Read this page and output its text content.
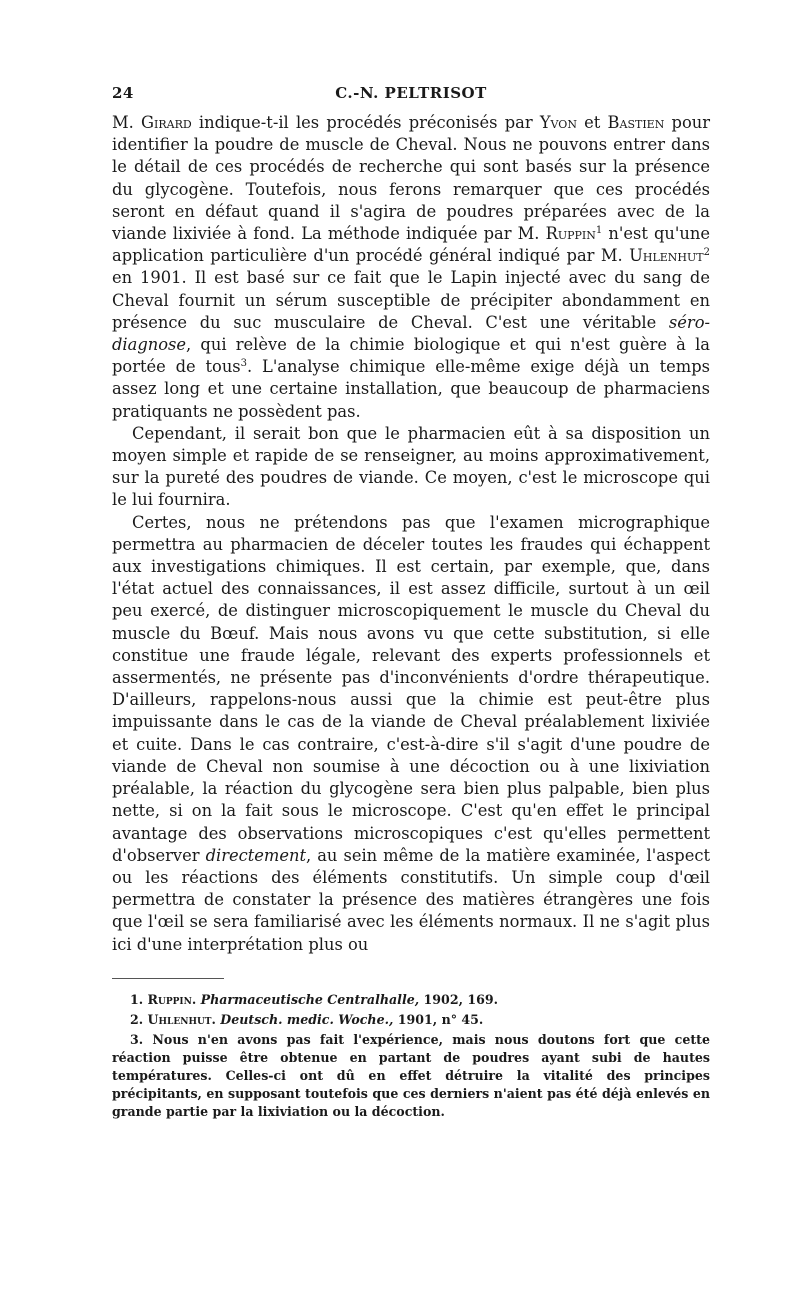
24	C.-N. PELTRISOT

M. Girard indique-t-il les procédés préconisés par Yvon et Bastien pour identifier la poudre de muscle de Cheval. Nous ne pouvons entrer dans le détail de ces procédés de recherche qui sont basés sur la présence du glycogène. Toutefois, nous ferons remarquer que ces procédés seront en défaut quand il s'agira de poudres préparées avec de la viande lixiviée à fond. La méthode indiquée par M. Ruppin$^1$ n'est qu'une application particulière d'un procédé général indiqué par M. Uhlenhut$^2$ en 1901. Il est basé sur ce fait que le Lapin injecté avec du sang de Cheval fournit un sérum susceptible de précipiter abondamment en présence du suc musculaire de Cheval. C'est une véritable séro-diagnose, qui relève de la chimie biologique et qui n'est guère à la portée de tous$^3$. L'analyse chimique elle-même exige déjà un temps assez long et une certaine installation, que beaucoup de pharmaciens pratiquants ne possèdent pas.

Cependant, il serait bon que le pharmacien eût à sa disposition un moyen simple et rapide de se renseigner, au moins approximativement, sur la pureté des poudres de viande. Ce moyen, c'est le microscope qui le lui fournira.

Certes, nous ne prétendons pas que l'examen micrographique permettra au pharmacien de déceler toutes les fraudes qui échappent aux investigations chimiques. Il est certain, par exemple, que, dans l'état actuel des connaissances, il est assez difficile, surtout à un œil peu exercé, de distinguer microscopiquement le muscle du Cheval du muscle du Bœuf. Mais nous avons vu que cette substitution, si elle constitue une fraude légale, relevant des experts professionnels et assermentés, ne présente pas d'inconvénients d'ordre thérapeutique. D'ailleurs, rappelons-nous aussi que la chimie est peut-être plus impuissante dans le cas de la viande de Cheval préalablement lixiviée et cuite. Dans le cas contraire, c'est-à-dire s'il s'agit d'une poudre de viande de Cheval non soumise à une décoction ou à une lixiviation préalable, la réaction du glycogène sera bien plus palpable, bien plus nette, si on la fait sous le microscope. C'est qu'en effet le principal avantage des observations microscopiques c'est qu'elles permettent d'observer directement, au sein même de la matière examinée, l'aspect ou les réactions des éléments constitutifs. Un simple coup d'œil permettra de constater la présence des matières étrangères une fois que l'œil se sera familiarisé avec les éléments normaux. Il ne s'agit plus ici d'une interprétation plus ou

1. Ruppin. Pharmaceutische Centralhalle, 1902, 169.
2. Uhlenhut. Deutsch. medic. Woche., 1901, n° 45.
3. Nous n'en avons pas fait l'expérience, mais nous doutons fort que cette réaction puisse être obtenue en partant de poudres ayant subi de hautes températures. Celles-ci ont dû en effet détruire la vitalité des principes précipitants, en supposant toutefois que ces derniers n'aient pas été déjà enlevés en grande partie par la lixiviation ou la décoction.
